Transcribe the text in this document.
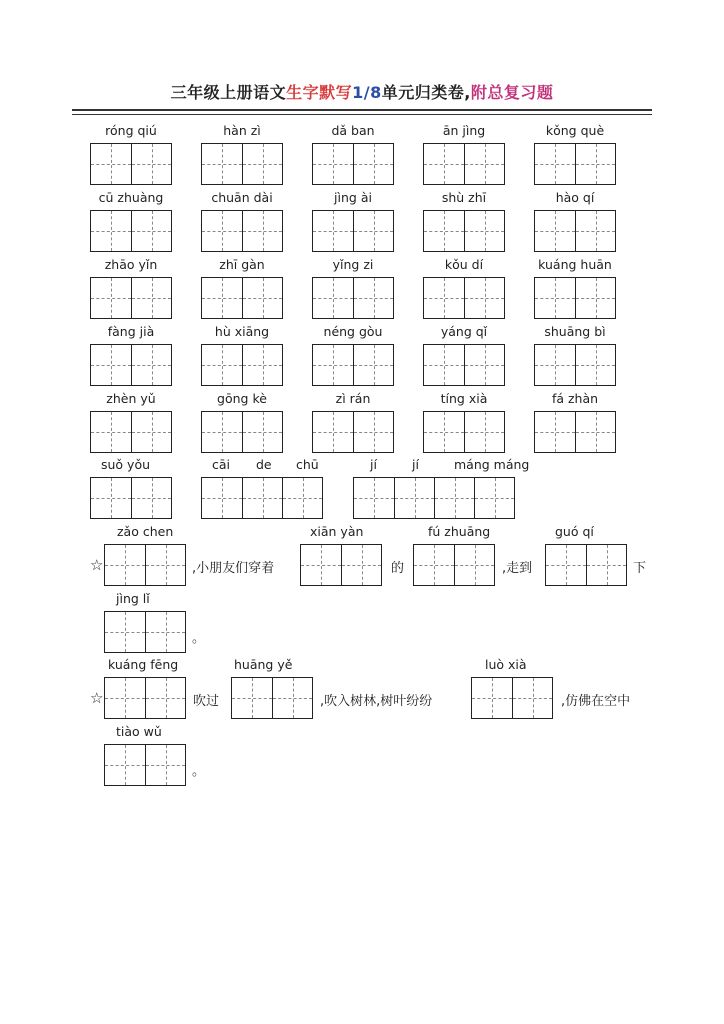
三年级上册语文生字默写1/8单元归类卷,附总复习题
róng qiú	hàn zì	dǎ ban	ān jìng	kǒng què
cū zhuàng	chuān dài	jìng ài	shù zhī	hào qí
zhāo yǐn	zhī gàn	yǐng zi	kǒu dí	kuáng huān
fàng jià	hù xiāng	néng gòu	yáng qǐ	shuāng bì
zhèn yǔ	gōng kè	zì rán	tíng xià	fá zhàn
suǒ yǒu	cāi de chū	jí	jí	máng máng
☆
zǎo chen
,小朋友们穿着
xiān yàn
的
fú zhuāng
,走到
guó qí
下
jìng lǐ
。
☆
kuáng fēng
吹过
huāng yě
,吹入树林,树叶纷纷
luò xià
,仿佛在空中
tiào wǔ
。
